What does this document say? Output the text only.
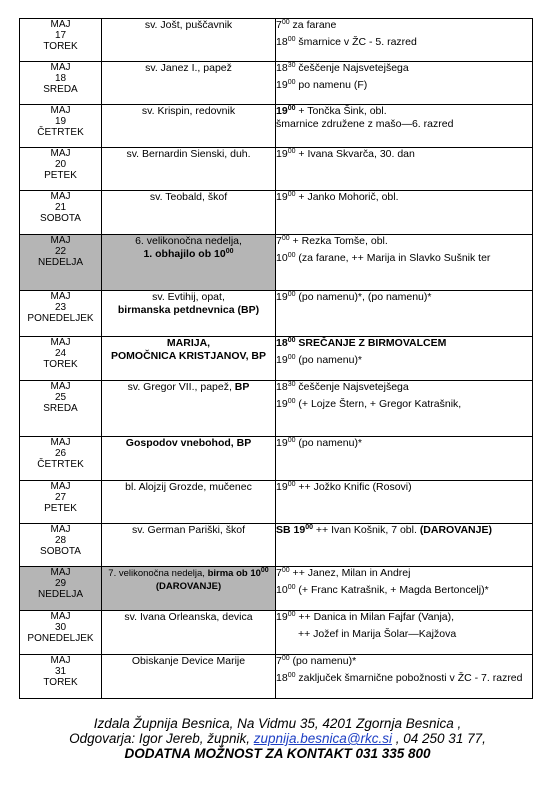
MAJ
17
TOREK	sv. Jošt, puščavnik	$7^{00}$ za farane
$18^{00}$ šmarnice v ŽC - 5. razred

MAJ
18
SREDA	sv. Janez I., papež	$18^{30}$ češčenje Najsvetejšega
$19^{00}$ po namenu (F)

MAJ
19
ČETRTEK	sv. Krispin, redovnik	$19^{00}$ + Tončka Šink, obl.
šmarnice združene z mašo—6. razred

MAJ
20
PETEK	sv. Bernardin Sienski, duh.	$19^{00}$ + Ivana Skvarča, 30. dan

MAJ
21
SOBOTA	sv. Teobald, škof	$19^{00}$ + Janko Mohorič, obl.

MAJ
22
NEDELJA	6. velikonočna nedelja,
1. obhajilo ob $10^{00}$	$7^{00}$ + Rezka Tomše, obl.
$10^{00}$ (za farane, ++ Marija in Slavko Sušnik ter

MAJ
23
PONEDELJEK	sv. Evtihij, opat,
birmanska petdnevnica (BP)	$19^{00}$ (po namenu)*, (po namenu)*

MAJ
24
TOREK	MARIJA,
POMOČNICA KRISTJANOV, BP	$18^{00}$ SREČANJE Z BIRMOVALCEM
$19^{00}$ (po namenu)*

MAJ
25
SREDA	sv. Gregor VII., papež, BP	$18^{30}$ češčenje Najsvetejšega
$19^{00}$ (+ Lojze Štern, + Gregor Katrašnik,

MAJ
26
ČETRTEK	Gospodov vnebohod, BP	$19^{00}$ (po namenu)*

MAJ
27
PETEK	bl. Alojzij Grozde, mučenec	$19^{00}$ ++ Jožko Knific (Rosovi)

MAJ
28
SOBOTA	sv. German Pariški, škof	SB $19^{00}$ ++ Ivan Košnik, 7 obl. (DAROVANJE)

MAJ
29
NEDELJA	7. velikonočna nedelja, birma ob $10^{00}$
(DAROVANJE)	$7^{00}$ ++ Janez, Milan in Andrej
$10^{00}$ (+ Franc Katrašnik, + Magda Bertoncelj)*

MAJ
30
PONEDELJEK	sv. Ivana Orleanska, devica	$19^{00}$ ++ Danica in Milan Fajfar (Vanja),
++ Jožef in Marija Šolar—Kajžova

MAJ
31
TOREK	Obiskanje Device Marije	$7^{00}$ (po namenu)*
$18^{00}$ zaključek šmarnične pobožnosti v ŽC - 7. razred
Izdala Župnija Besnica, Na Vidmu 35, 4201 Zgornja Besnica ,
Odgovarja: Igor Jereb, župnik, zupnija.besnica@rkc.si , 04 250 31 77,
DODATNA MOŽNOST ZA KONTAKT 031 335 800
